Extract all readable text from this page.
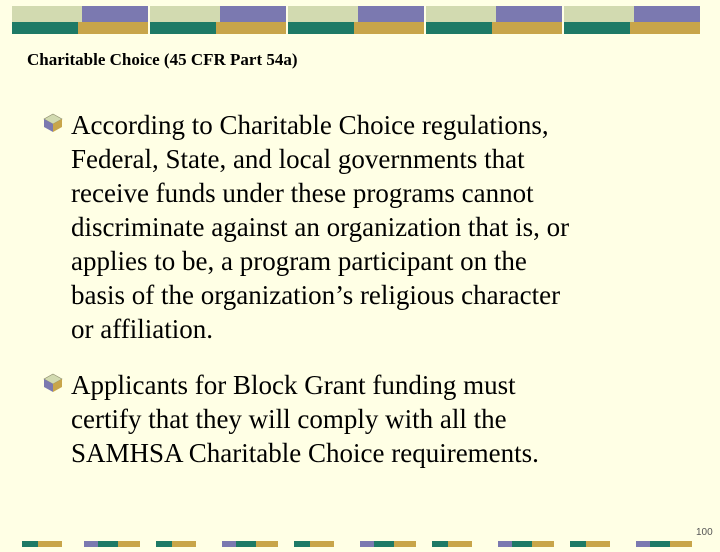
Charitable Choice (45 CFR Part 54a)
According to Charitable Choice regulations,
Federal, State, and local governments that
receive funds under these programs cannot
discriminate against an organization that is, or
applies to be, a program participant on the
basis of the organization’s religious character
or affiliation.
Applicants for Block Grant funding must
certify that they will comply with all the
SAMHSA Charitable Choice requirements.
100
